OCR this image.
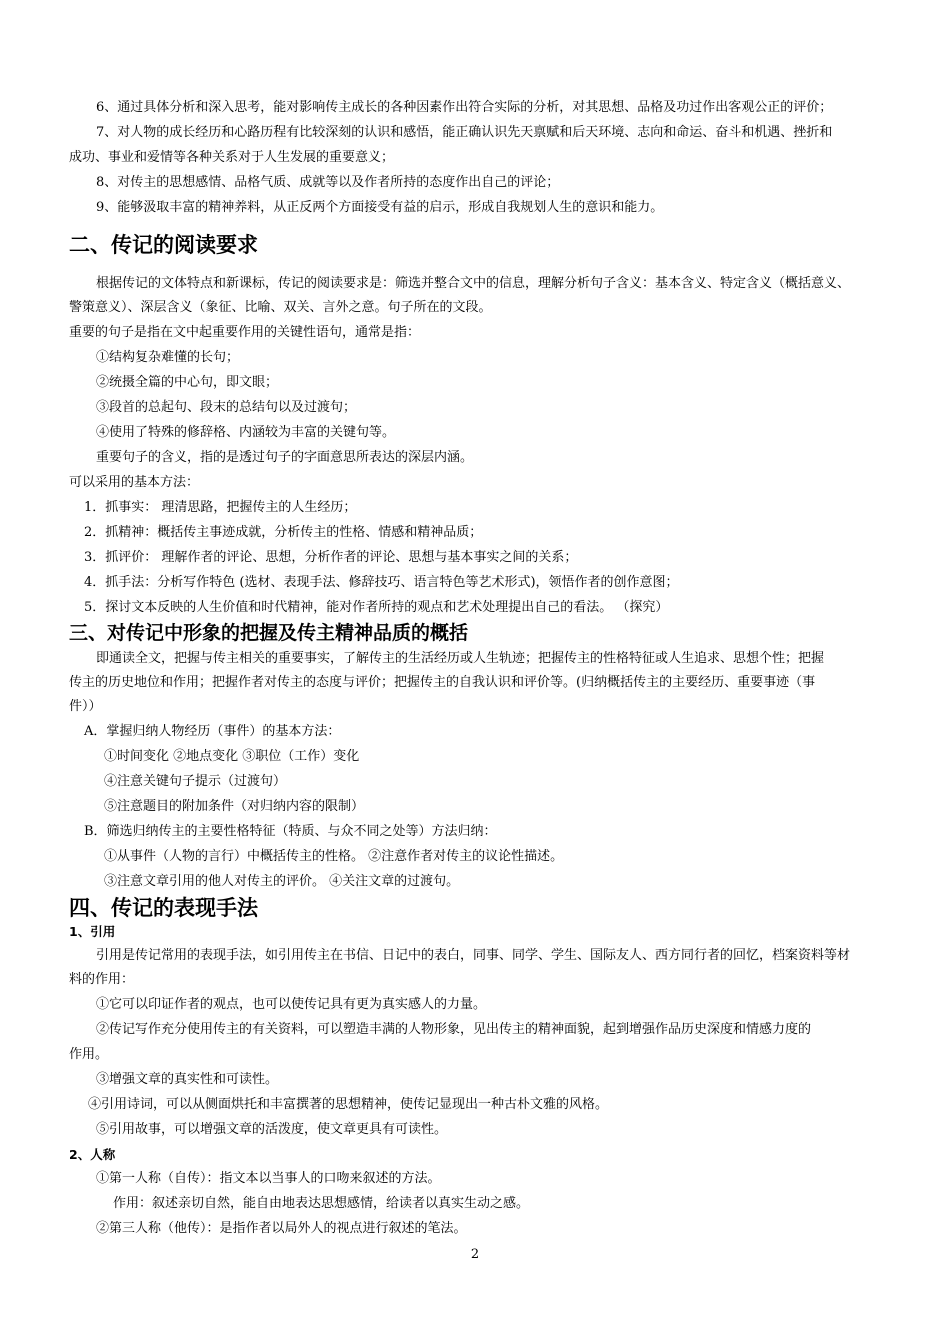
6、通过具体分析和深入思考，能对影响传主成长的各种因素作出符合实际的分析，对其思想、品格及功过作出客观公正的评价；
7、对人物的成长经历和心路历程有比较深刻的认识和感悟，能正确认识先天禀赋和后天环境、志向和命运、奋斗和机遇、挫折和
成功、事业和爱情等各种关系对于人生发展的重要意义；
8、对传主的思想感情、品格气质、成就等以及作者所持的态度作出自己的评论；
9、能够汲取丰富的精神养料，从正反两个方面接受有益的启示，形成自我规划人生的意识和能力。
二、传记的阅读要求
根据传记的文体特点和新课标，传记的阅读要求是：筛选并整合文中的信息，理解分析句子含义：基本含义、特定含义（概括意义、
警策意义）、深层含义（象征、比喻、双关、言外之意。句子所在的文段。
重要的句子是指在文中起重要作用的关键性语句，通常是指：
①结构复杂难懂的长句；
②统摄全篇的中心句，即文眼；
③段首的总起句、段末的总结句以及过渡句；
④使用了特殊的修辞格、内涵较为丰富的关键句等。
重要句子的含义，指的是透过句子的字面意思所表达的深层内涵。
可以采用的基本方法：
1．抓事实： 理清思路，把握传主的人生经历；
2．抓精神：概括传主事迹成就，分析传主的性格、情感和精神品质；
3．抓评价： 理解作者的评论、思想，分析作者的评论、思想与基本事实之间的关系；
4．抓手法：分析写作特色 (选材、表现手法、修辞技巧、语言特色等艺术形式)，领悟作者的创作意图；
5．探讨文本反映的人生价值和时代精神，能对作者所持的观点和艺术处理提出自己的看法。 （探究）
三、对传记中形象的把握及传主精神品质的概括
即通读全文，把握与传主相关的重要事实，了解传主的生活经历或人生轨迹；把握传主的性格特征或人生追求、思想个性；把握
传主的历史地位和作用；把握作者对传主的态度与评价；把握传主的自我认识和评价等。(归纳概括传主的主要经历、重要事迹（事
件））
A．掌握归纳人物经历（事件）的基本方法：
①时间变化 ②地点变化 ③职位（工作）变化
④注意关键句子提示（过渡句）
⑤注意题目的附加条件（对归纳内容的限制）
B．筛选归纳传主的主要性格特征（特质、与众不同之处等）方法归纳：
①从事件（人物的言行）中概括传主的性格。 ②注意作者对传主的议论性描述。
③注意文章引用的他人对传主的评价。 ④关注文章的过渡句。
四、传记的表现手法
1、引用
引用是传记常用的表现手法，如引用传主在书信、日记中的表白，同事、同学、学生、国际友人、西方同行者的回忆，档案资料等材
料的作用：
①它可以印证作者的观点，也可以使传记具有更为真实感人的力量。
②传记写作充分使用传主的有关资料，可以塑造丰满的人物形象，见出传主的精神面貌，起到增强作品历史深度和情感力度的
作用。
③增强文章的真实性和可读性。
④引用诗词，可以从侧面烘托和丰富撰著的思想精神，使传记显现出一种古朴文雅的风格。
⑤引用故事，可以增强文章的活泼度，使文章更具有可读性。
2、人称
①第一人称（自传）：指文本以当事人的口吻来叙述的方法。
作用：叙述亲切自然，能自由地表达思想感情，给读者以真实生动之感。
②第三人称（他传）：是指作者以局外人的视点进行叙述的笔法。
2
